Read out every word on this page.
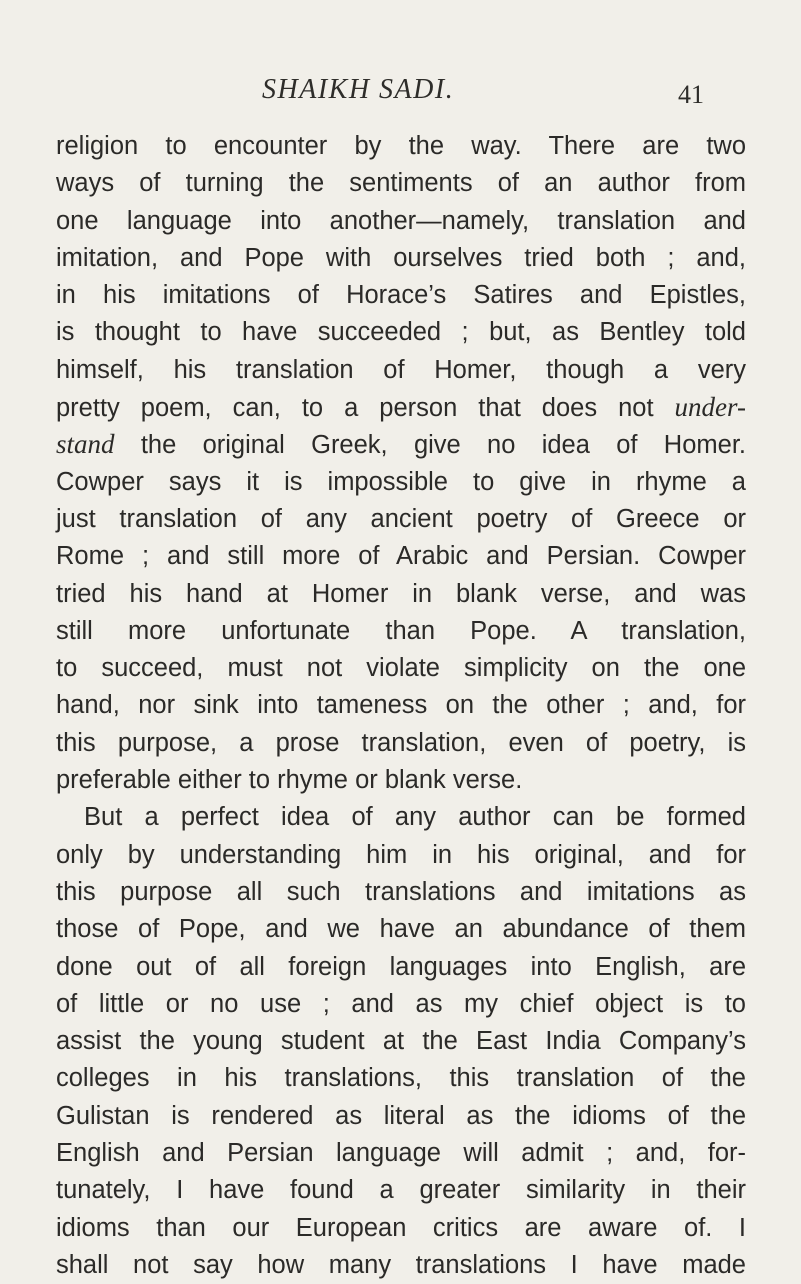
SHAIKH SADI.	41
religion to encounter by the way. There are two
ways of turning the sentiments of an author from
one language into another—namely, translation and
imitation, and Pope with ourselves tried both ; and,
in his imitations of Horace’s Satires and Epistles,
is thought to have succeeded ; but, as Bentley told
himself, his translation of Homer, though a very
pretty poem, can, to a person that does not under-
stand the original Greek, give no idea of Homer.
Cowper says it is impossible to give in rhyme a
just translation of any ancient poetry of Greece or
Rome ; and still more of Arabic and Persian. Cowper
tried his hand at Homer in blank verse, and was
still more unfortunate than Pope. A translation,
to succeed, must not violate simplicity on the one
hand, nor sink into tameness on the other ; and, for
this purpose, a prose translation, even of poetry, is
preferable either to rhyme or blank verse.
But a perfect idea of any author can be formed
only by understanding him in his original, and for
this purpose all such translations and imitations as
those of Pope, and we have an abundance of them
done out of all foreign languages into English, are
of little or no use ; and as my chief object is to
assist the young student at the East India Company’s
colleges in his translations, this translation of the
Gulistan is rendered as literal as the idioms of the
English and Persian language will admit ; and, for-
tunately, I have found a greater similarity in their
idioms than our European critics are aware of. I
shall not say how many translations I have made
